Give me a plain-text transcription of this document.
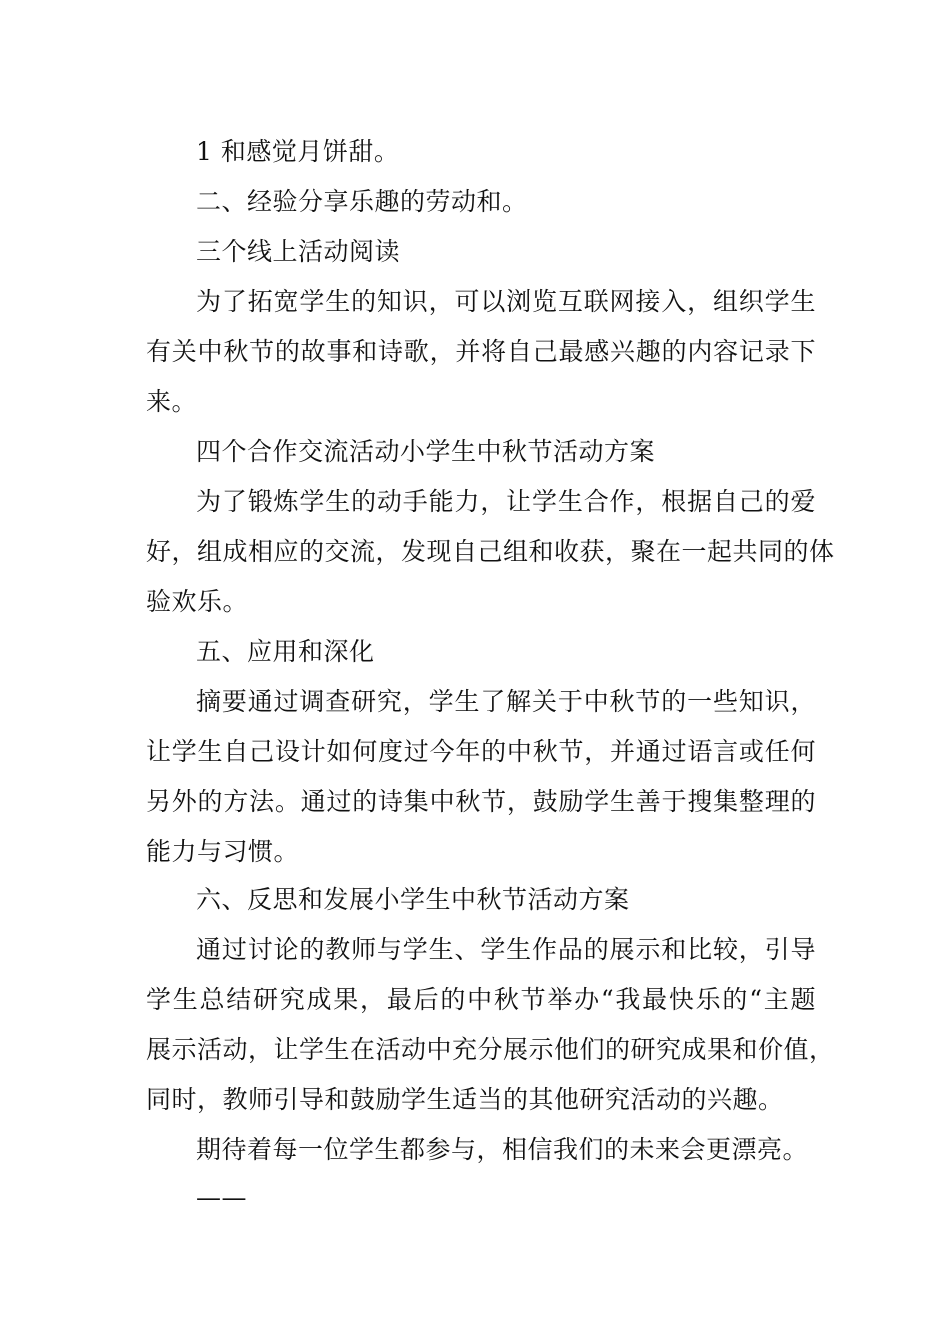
1 和感觉月饼甜。
二、经验分享乐趣的劳动和。
三个线上活动阅读
为了拓宽学生的知识，可以浏览互联网接入，组织学生
有关中秋节的故事和诗歌，并将自己最感兴趣的内容记录下
来。
四个合作交流活动小学生中秋节活动方案
为了锻炼学生的动手能力，让学生合作，根据自己的爱
好，组成相应的交流，发现自己组和收获，聚在一起共同的体
验欢乐。
五、应用和深化
摘要通过调查研究，学生了解关于中秋节的一些知识，
让学生自己设计如何度过今年的中秋节，并通过语言或任何
另外的方法。通过的诗集中秋节，鼓励学生善于搜集整理的
能力与习惯。
六、反思和发展小学生中秋节活动方案
通过讨论的教师与学生、学生作品的展示和比较，引导
学生总结研究成果，最后的中秋节举办“我最快乐的“主题
展示活动，让学生在活动中充分展示他们的研究成果和价值，
同时，教师引导和鼓励学生适当的其他研究活动的兴趣。
期待着每一位学生都参与，相信我们的未来会更漂亮。
——
